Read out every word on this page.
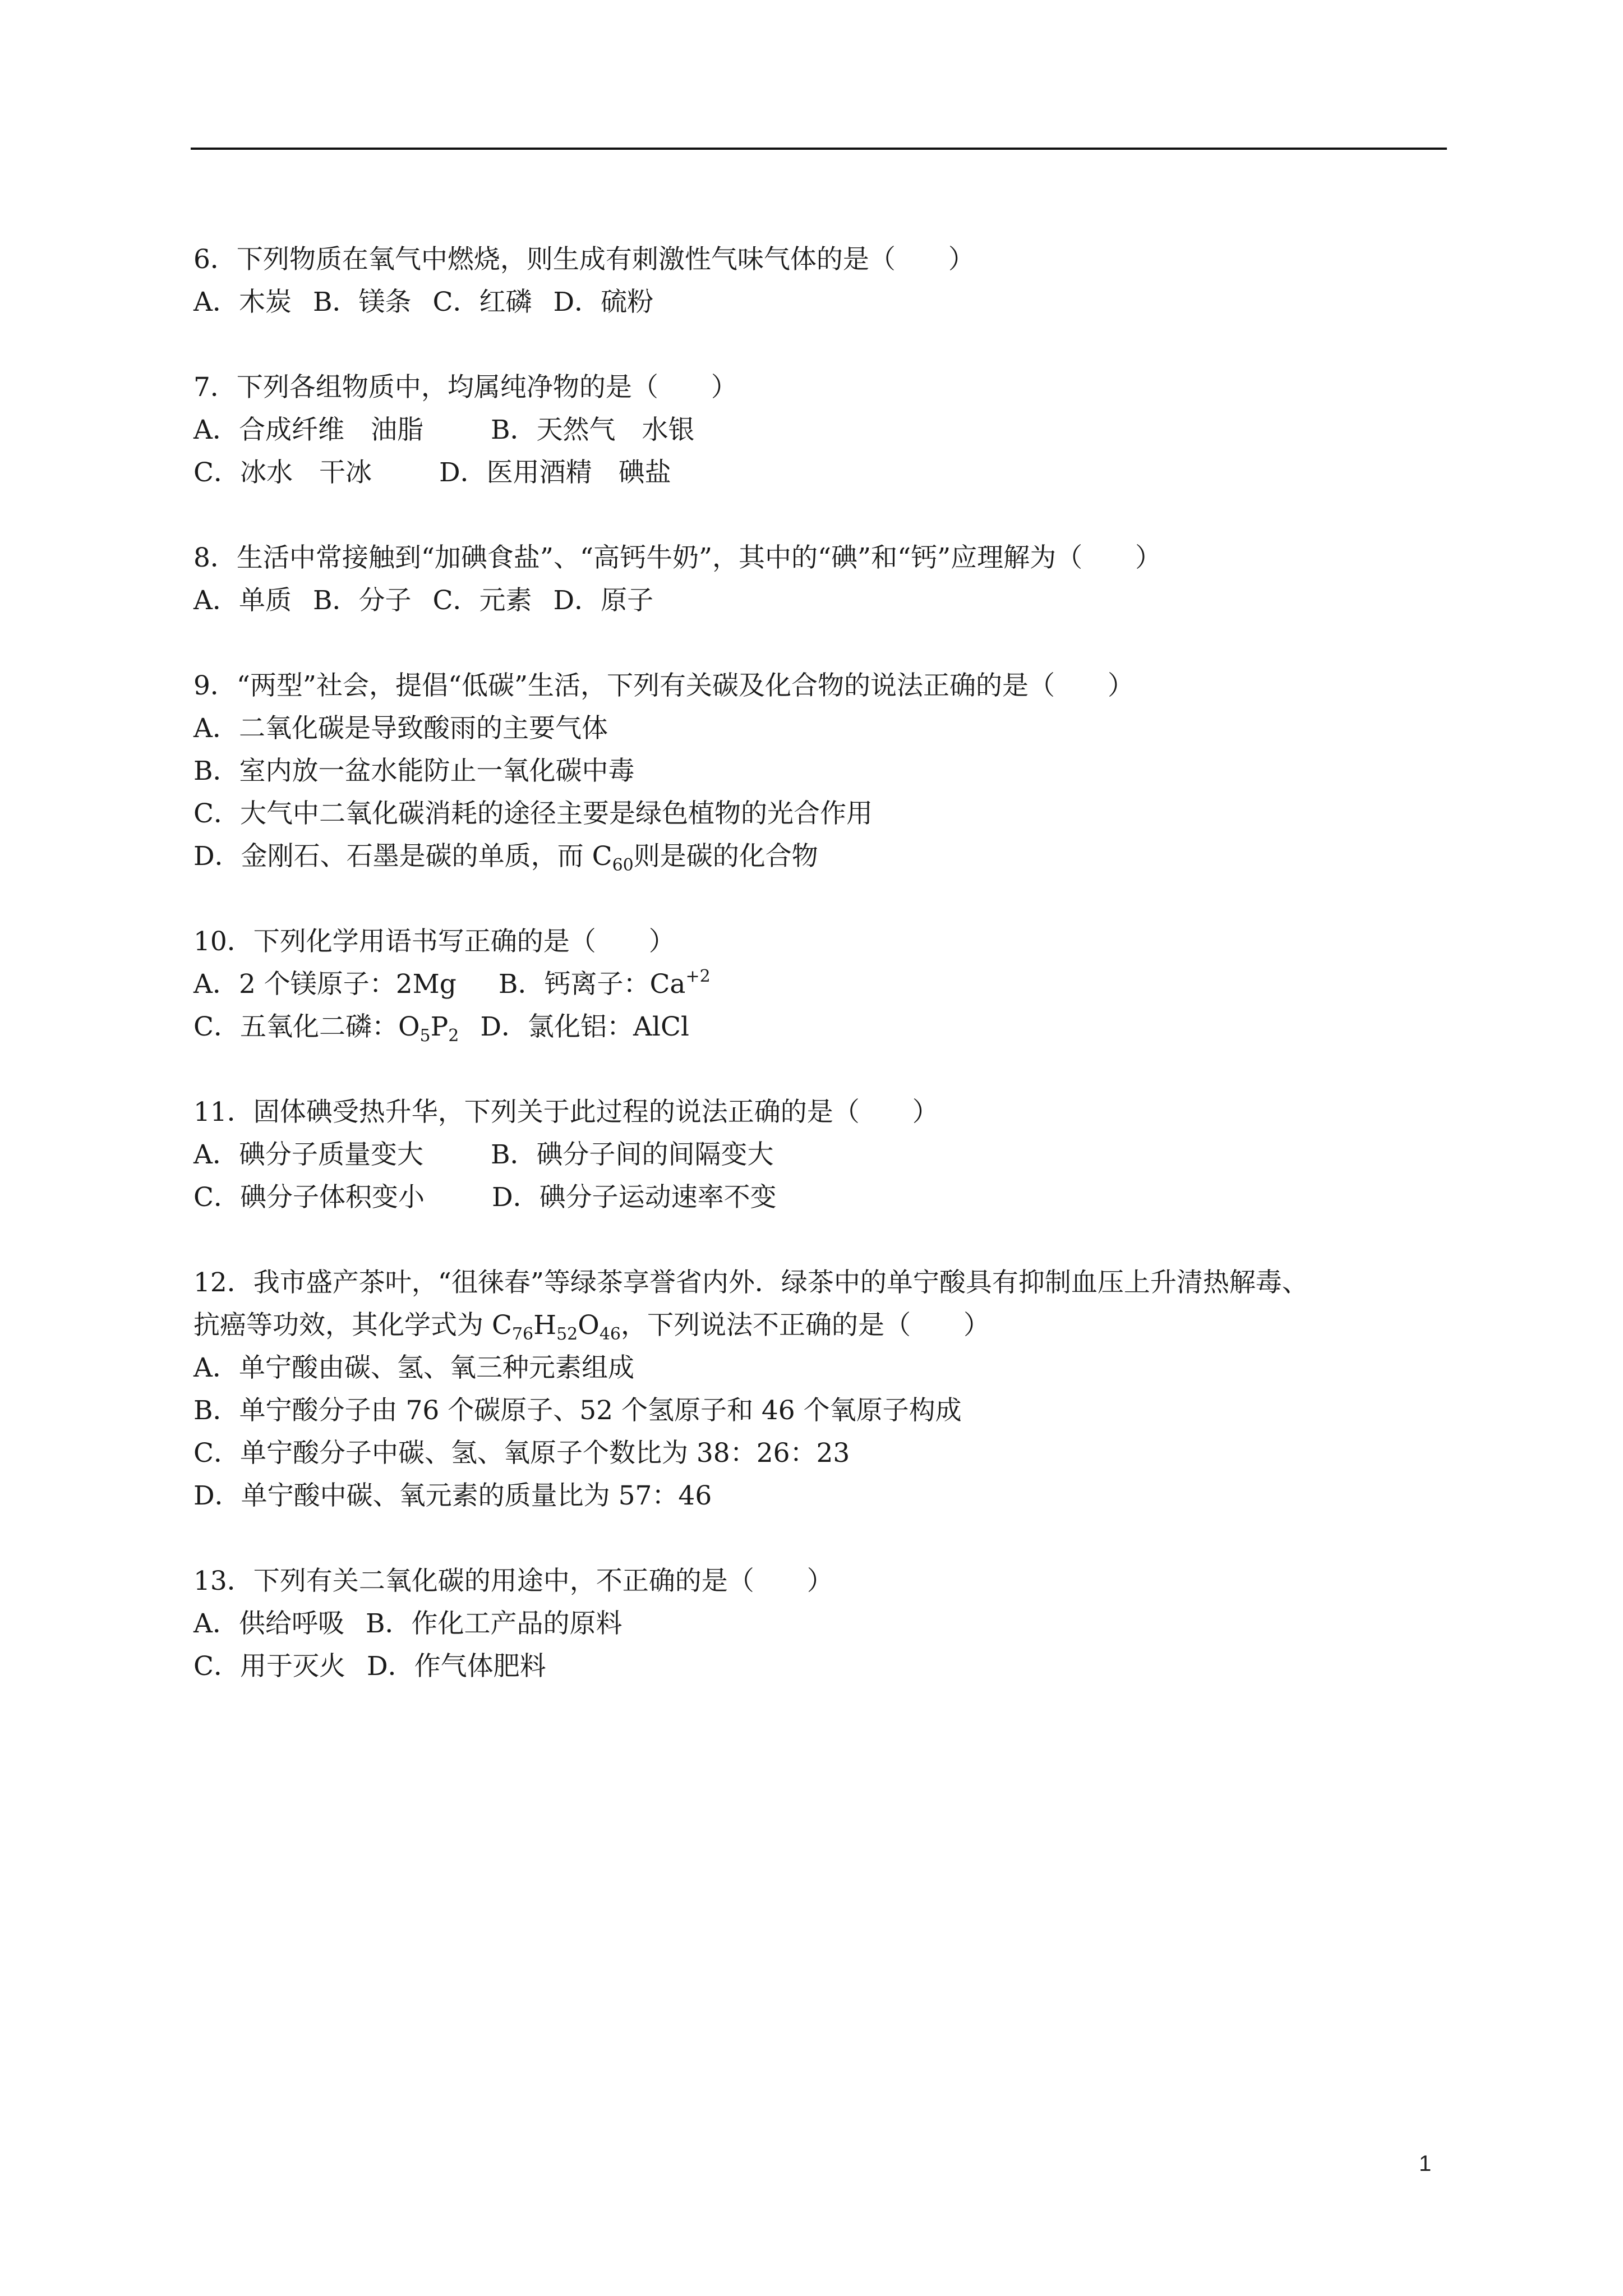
6．下列物质在氧气中燃烧，则生成有刺激性气味气体的是（　　）
A．木炭 B．镁条 C．红磷 D．硫粉
7．下列各组物质中，均属纯净物的是（　　）
A．合成纤维　油脂	B．天然气　水银
C．冰水　干冰	D．医用酒精　碘盐
8．生活中常接触到“加碘食盐”、“高钙牛奶”，其中的“碘”和“钙”应理解为（　　）
A．单质 B．分子 C．元素 D．原子
9．“两型”社会，提倡“低碳”生活，下列有关碳及化合物的说法正确的是（　　）
A．二氧化碳是导致酸雨的主要气体
B．室内放一盆水能防止一氧化碳中毒
C．大气中二氧化碳消耗的途径主要是绿色植物的光合作用
D．金刚石、石墨是碳的单质，而 $C_{60}$则是碳的化合物
10．下列化学用语书写正确的是（　　）
A．2 个镁原子：2Mg B．钙离子：$Ca^{+2}$
C．五氧化二磷：$O_5P_2$ D．氯化铝：AlCl
11．固体碘受热升华，下列关于此过程的说法正确的是（　　）
A．碘分子质量变大	B．碘分子间的间隔变大
C．碘分子体积变小	D．碘分子运动速率不变
12．我市盛产茶叶，“徂徕春”等绿茶享誉省内外．绿茶中的单宁酸具有抑制血压上升清热解毒、
抗癌等功效，其化学式为 $C_{76}H_{52}O_{46}$，下列说法不正确的是（　　）
A．单宁酸由碳、氢、氧三种元素组成
B．单宁酸分子由 76 个碳原子、52 个氢原子和 46 个氧原子构成
C．单宁酸分子中碳、氢、氧原子个数比为 38：26：23
D．单宁酸中碳、氧元素的质量比为 57：46
13．下列有关二氧化碳的用途中，不正确的是（　　）
A．供给呼吸 B．作化工产品的原料
C．用于灭火 D．作气体肥料
1
